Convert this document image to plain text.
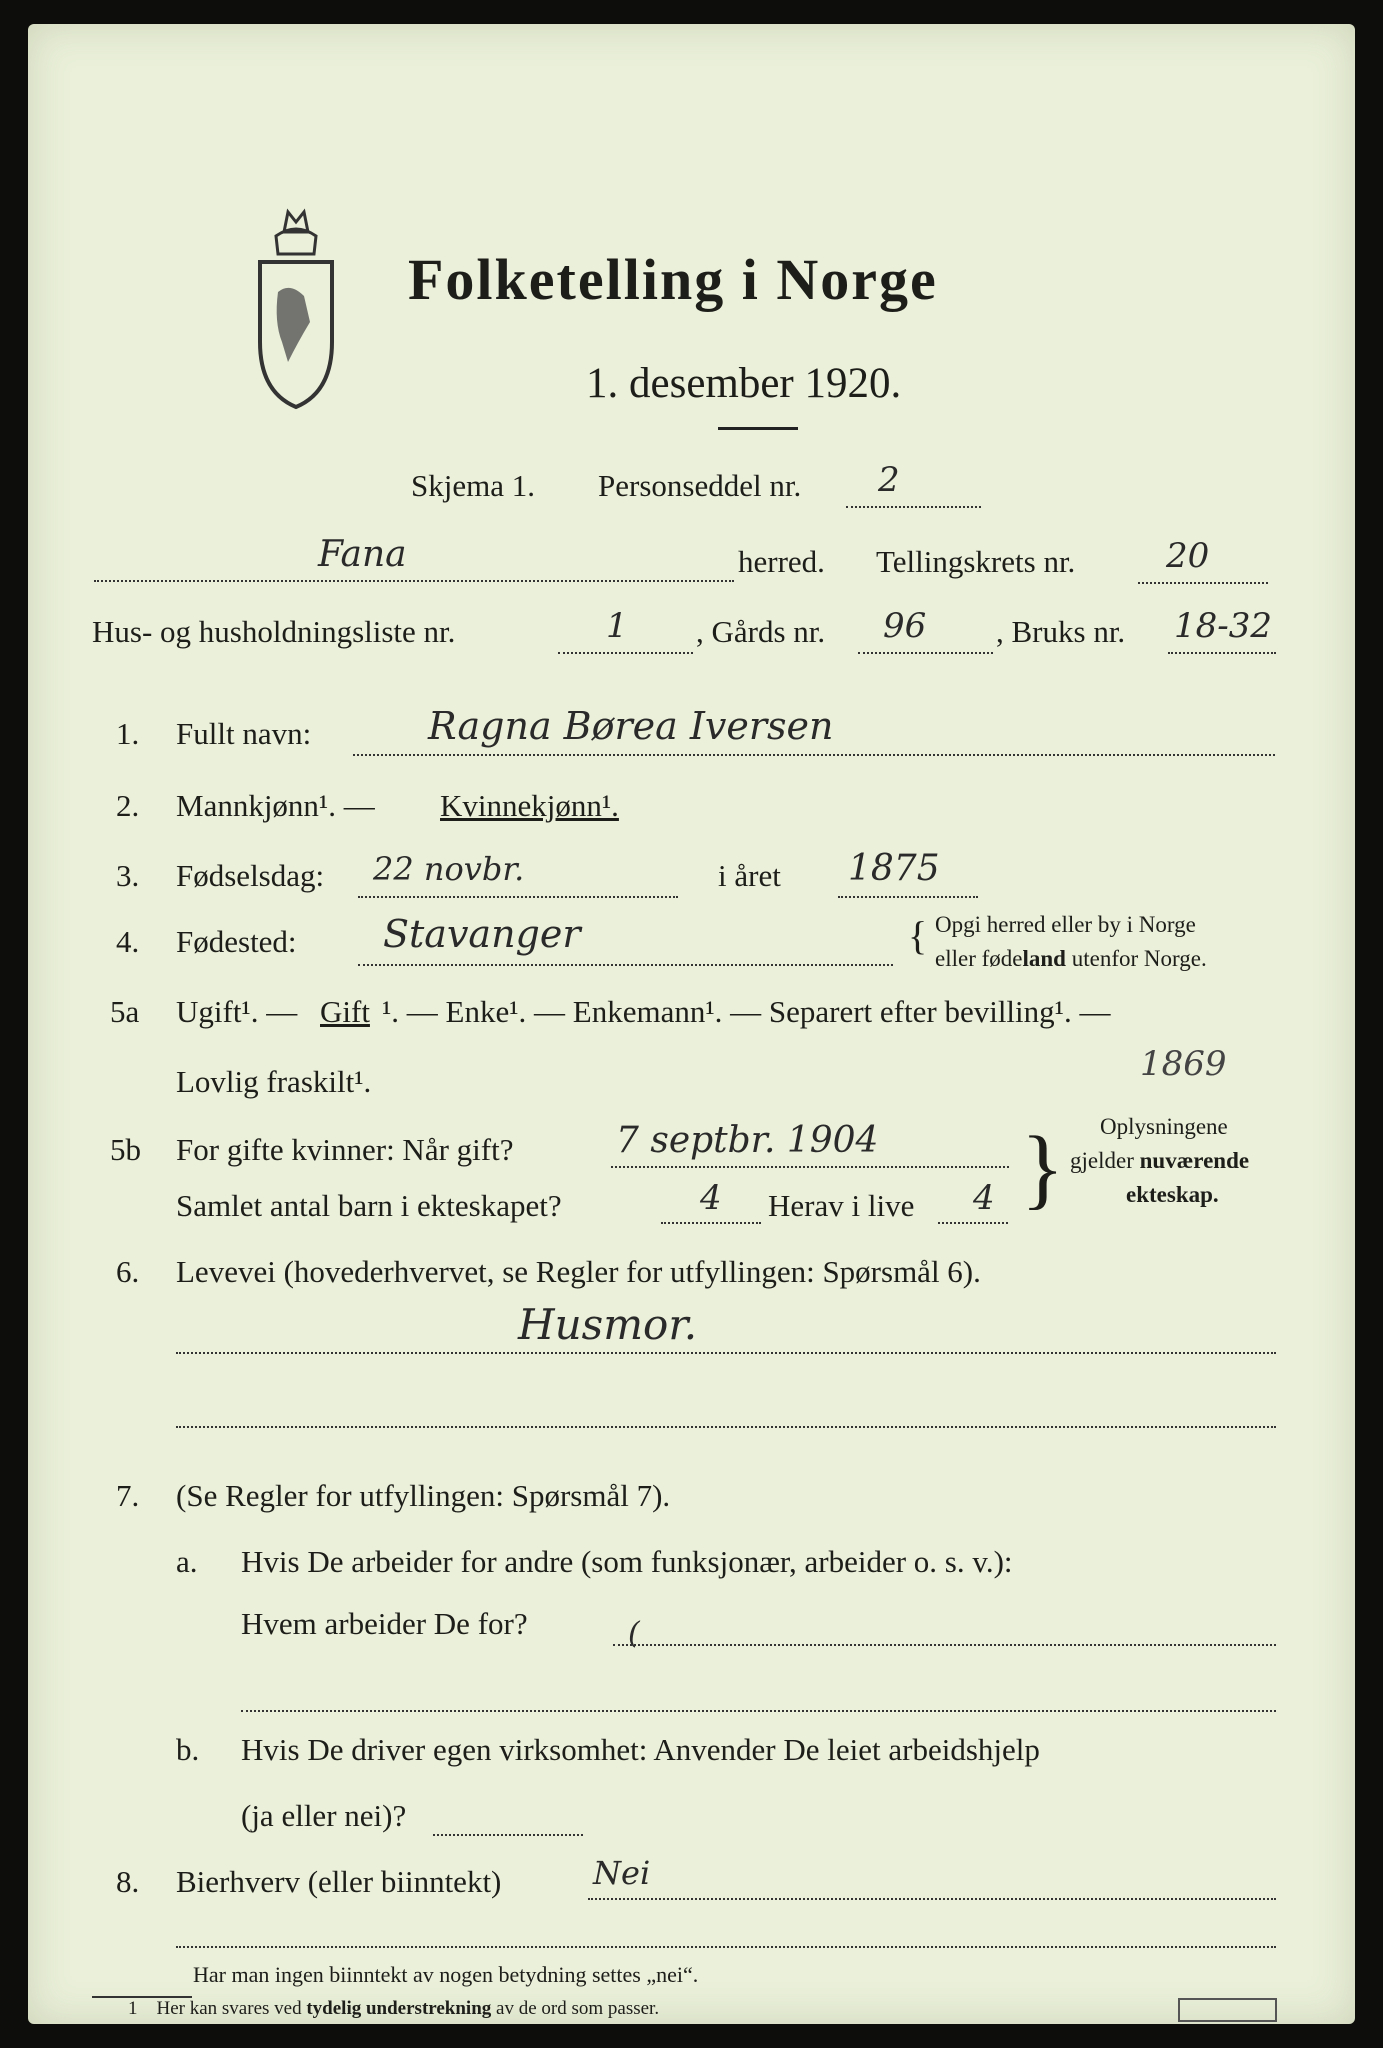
Folketelling i Norge
1. desember 1920.
Skjema 1. Personseddel nr. 2
Fana	herred. Tellingskrets nr.	20
Hus- og husholdningsliste nr.	1 , Gårds nr. 96 , Bruks nr. 18-32
1. Fullt navn:	Ragna Børea Iversen
2. Mannkjønn¹. — Kvinnekjønn¹.
3. Fødselsdag: 22 novbr.	i året 1875
4. Fødested: Stavanger	{ Opgi herred eller by i Norge
eller fødeland utenfor Norge.
5a Ugift¹. — Gift ¹. — Enke¹. — Enkemann¹. — Separert efter bevilling¹. —
Lovlig fraskilt¹.	1869
5b For gifte kvinner: Når gift?	7 septbr. 1904
Samlet antal barn i ekteskapet?	4 Herav i live 4 } Oplysningene
gjelder nuværende
ekteskap.
6. Levevei (hovederhvervet, se Regler for utfyllingen: Spørsmål 6).
Husmor.
7. (Se Regler for utfyllingen: Spørsmål 7).
a. Hvis De arbeider for andre (som funksjonær, arbeider o. s. v.):
Hvem arbeider De for?	(
b. Hvis De driver egen virksomhet: Anvender De leiet arbeidshjelp
(ja eller nei)?
8. Bierhverv (eller biinntekt)	Nei
Har man ingen biinntekt av nogen betydning settes „nei“.
1 Her kan svares ved tydelig understrekning av de ord som passer.
